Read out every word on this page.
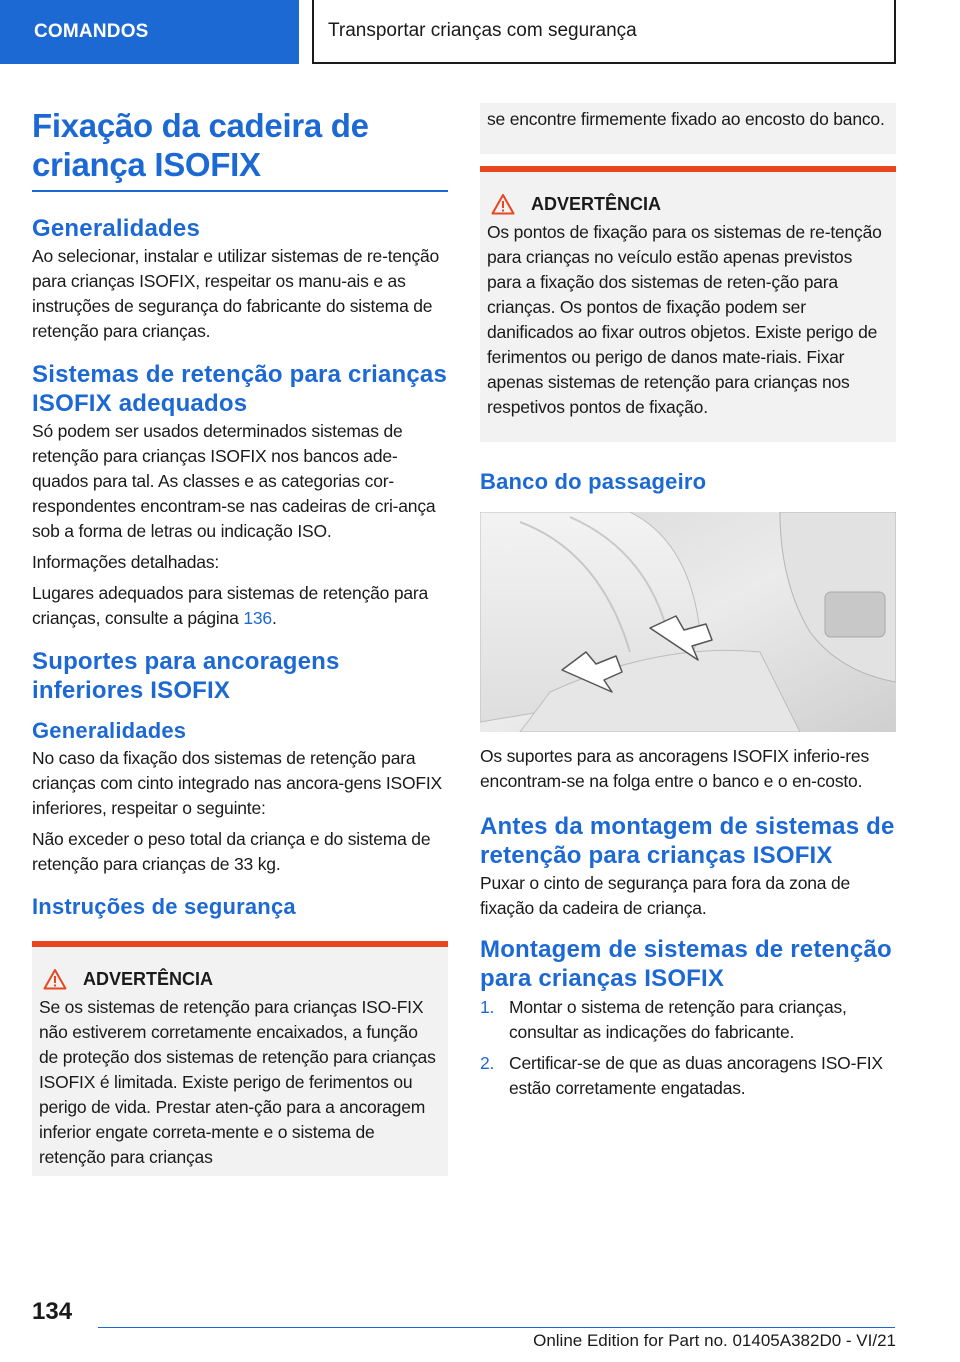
COMANDOS	Transportar crianças com segurança
Fixação da cadeira de criança ISOFIX
Generalidades
Ao selecionar, instalar e utilizar sistemas de re-tenção para crianças ISOFIX, respeitar os manu-ais e as instruções de segurança do fabricante do sistema de retenção para crianças.
Sistemas de retenção para crianças ISOFIX adequados
Só podem ser usados determinados sistemas de retenção para crianças ISOFIX nos bancos ade-quados para tal. As classes e as categorias cor-respondentes encontram-se nas cadeiras de cri-ança sob a forma de letras ou indicação ISO.
Informações detalhadas:
Lugares adequados para sistemas de retenção para crianças, consulte a página 136.
Suportes para ancoragens inferiores ISOFIX
Generalidades
No caso da fixação dos sistemas de retenção para crianças com cinto integrado nas ancora-gens ISOFIX inferiores, respeitar o seguinte:
Não exceder o peso total da criança e do sistema de retenção para crianças de 33 kg.
Instruções de segurança
ADVERTÊNCIA
Se os sistemas de retenção para crianças ISO-FIX não estiverem corretamente encaixados, a função de proteção dos sistemas de retenção para crianças ISOFIX é limitada. Existe perigo de ferimentos ou perigo de vida. Prestar aten-ção para a ancoragem inferior engate correta-mente e o sistema de retenção para crianças
se encontre firmemente fixado ao encosto do banco.
ADVERTÊNCIA
Os pontos de fixação para os sistemas de re-tenção para crianças no veículo estão apenas previstos para a fixação dos sistemas de reten-ção para crianças. Os pontos de fixação podem ser danificados ao fixar outros objetos. Existe perigo de ferimentos ou perigo de danos mate-riais. Fixar apenas sistemas de retenção para crianças nos respetivos pontos de fixação.
Banco do passageiro
Os suportes para as ancoragens ISOFIX inferio-res encontram-se na folga entre o banco e o en-costo.
Antes da montagem de sistemas de retenção para crianças ISOFIX
Puxar o cinto de segurança para fora da zona de fixação da cadeira de criança.
Montagem de sistemas de retenção para crianças ISOFIX
1. Montar o sistema de retenção para crianças, consultar as indicações do fabricante.
2. Certificar-se de que as duas ancoragens ISO-FIX estão corretamente engatadas.
134
Online Edition for Part no. 01405A382D0 - VI/21
